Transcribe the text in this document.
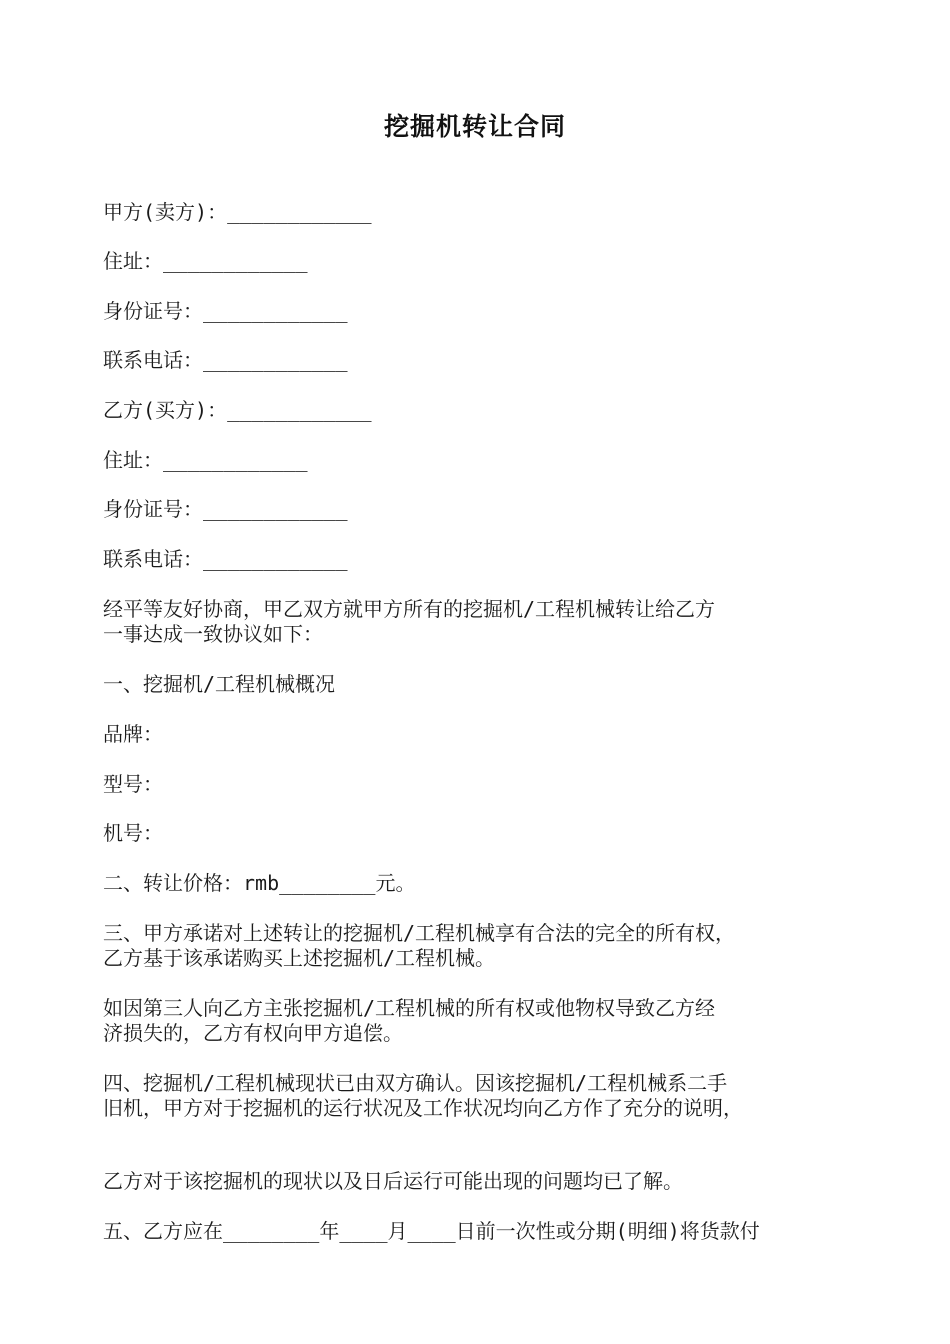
挖掘机转让合同
甲方(卖方)：____________
住址：____________
身份证号：____________
联系电话：____________
乙方(买方)：____________
住址：____________
身份证号：____________
联系电话：____________
经平等友好协商，甲乙双方就甲方所有的挖掘机/工程机械转让给乙方
一事达成一致协议如下：
一、挖掘机/工程机械概况
品牌：
型号：
机号：
二、转让价格：rmb________元。
三、甲方承诺对上述转让的挖掘机/工程机械享有合法的完全的所有权，
乙方基于该承诺购买上述挖掘机/工程机械。
如因第三人向乙方主张挖掘机/工程机械的所有权或他物权导致乙方经
济损失的，乙方有权向甲方追偿。
四、挖掘机/工程机械现状已由双方确认。因该挖掘机/工程机械系二手
旧机，甲方对于挖掘机的运行状况及工作状况均向乙方作了充分的说明，
乙方对于该挖掘机的现状以及日后运行可能出现的问题均已了解。
五、乙方应在________年____月____日前一次性或分期(明细)将货款付
